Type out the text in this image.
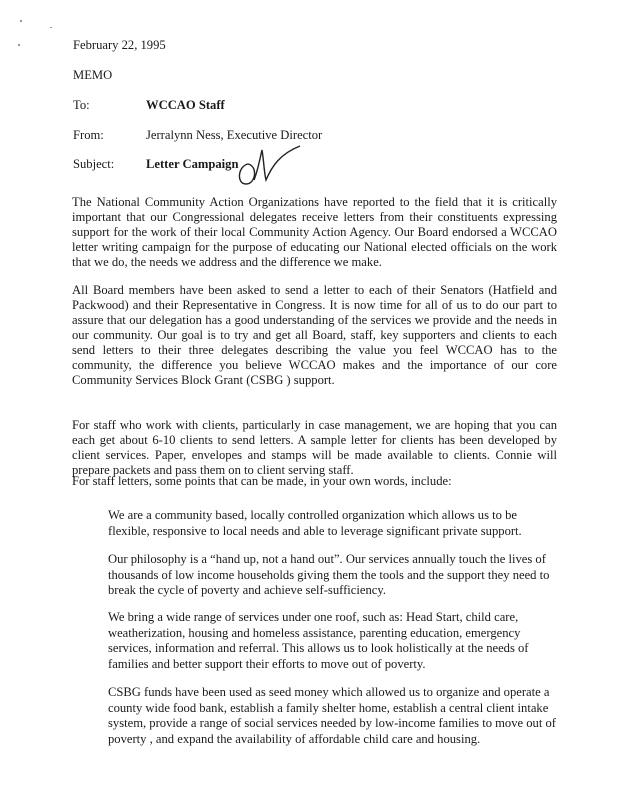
February 22, 1995
MEMO
To:	WCCAO Staff
From:	Jerralynn Ness, Executive Director
Subject:	Letter Campaign
The National Community Action Organizations have reported to the field that it is critically important that our Congressional delegates receive letters from their constituents expressing support for the work of their local Community Action Agency. Our Board endorsed a WCCAO letter writing campaign for the purpose of educating our National elected officials on the work that we do, the needs we address and the difference we make.
All Board members have been asked to send a letter to each of their Senators (Hatfield and Packwood) and their Representative in Congress. It is now time for all of us to do our part to assure that our delegation has a good understanding of the services we provide and the needs in our community. Our goal is to try and get all Board, staff, key supporters and clients to each send letters to their three delegates describing the value you feel WCCAO has to the community, the difference you believe WCCAO makes and the importance of our core Community Services Block Grant (CSBG ) support.
For staff who work with clients, particularly in case management, we are hoping that you can each get about 6-10 clients to send letters. A sample letter for clients has been developed by client services. Paper, envelopes and stamps will be made available to clients. Connie will prepare packets and pass them on to client serving staff.
For staff letters, some points that can be made, in your own words, include:
We are a community based, locally controlled organization which allows us to be flexible, responsive to local needs and able to leverage significant private support.
Our philosophy is a “hand up, not a hand out”. Our services annually touch the lives of thousands of low income households giving them the tools and the support they need to break the cycle of poverty and achieve self-sufficiency.
We bring a wide range of services under one roof, such as: Head Start, child care, weatherization, housing and homeless assistance, parenting education, emergency services, information and referral. This allows us to look holistically at the needs of families and better support their efforts to move out of poverty.
CSBG funds have been used as seed money which allowed us to organize and operate a county wide food bank, establish a family shelter home, establish a central client intake system, provide a range of social services needed by low-income families to move out of poverty , and expand the availability of affordable child care and housing.
